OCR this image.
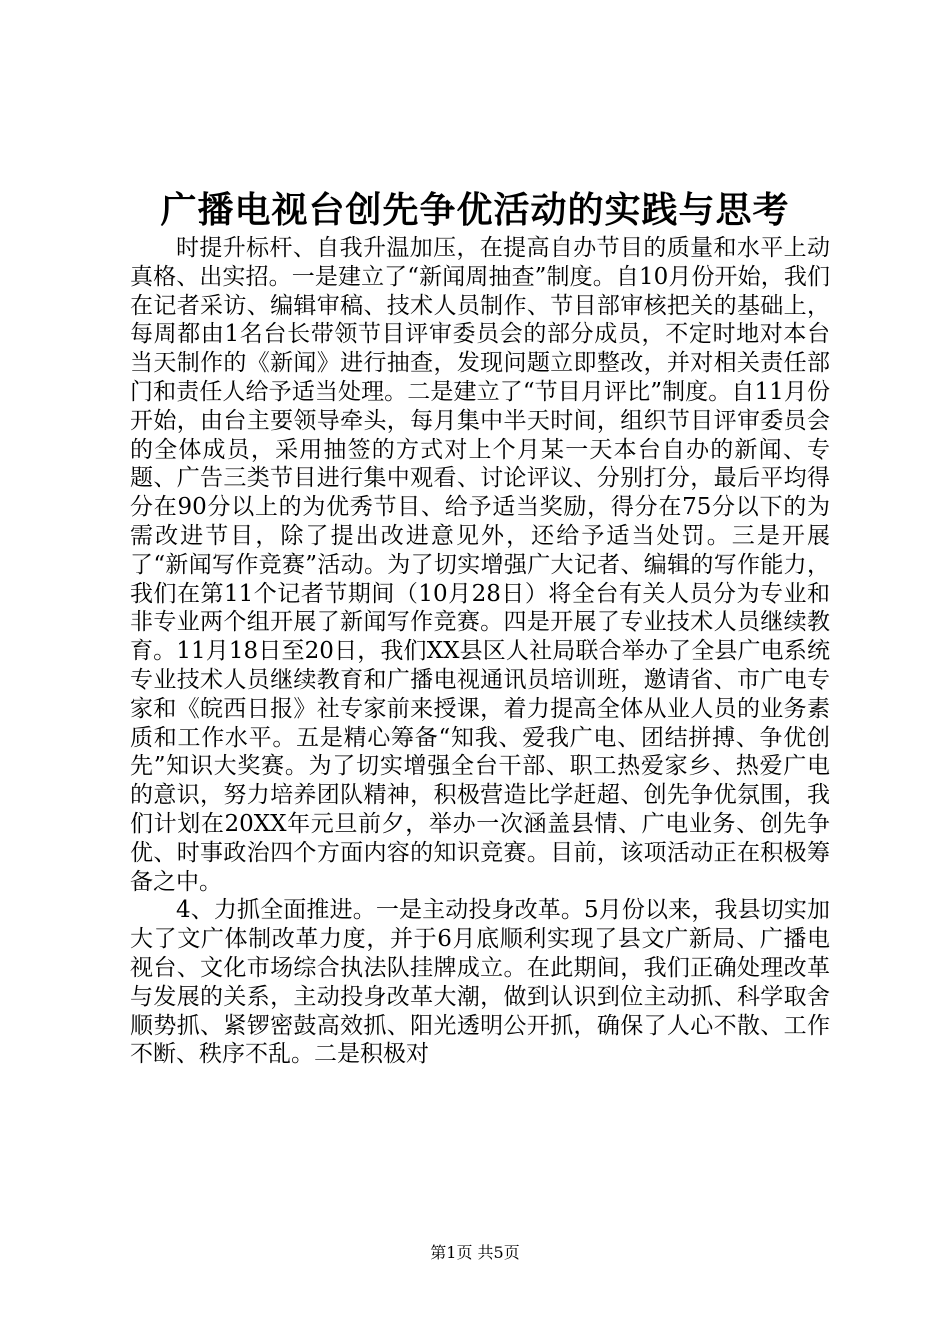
广播电视台创先争优活动的实践与思考

时提升标杆、自我升温加压，在提高自办节目的质量和水平上动真格、出实招。一是建立了“新闻周抽查”制度。自10月份开始，我们在记者采访、编辑审稿、技术人员制作、节目部审核把关的基础上，每周都由1名台长带领节目评审委员会的部分成员，不定时地对本台当天制作的《新闻》进行抽查，发现问题立即整改，并对相关责任部门和责任人给予适当处理。二是建立了“节目月评比”制度。自11月份开始，由台主要领导牵头，每月集中半天时间，组织节目评审委员会的全体成员，采用抽签的方式对上个月某一天本台自办的新闻、专题、广告三类节目进行集中观看、讨论评议、分别打分，最后平均得分在90分以上的为优秀节目、给予适当奖励，得分在75分以下的为需改进节目，除了提出改进意见外，还给予适当处罚。三是开展了“新闻写作竞赛”活动。为了切实增强广大记者、编辑的写作能力，我们在第11个记者节期间（10月28日）将全台有关人员分为专业和非专业两个组开展了新闻写作竞赛。四是开展了专业技术人员继续教育。11月18日至20日，我们XX县区人社局联合举办了全县广电系统专业技术人员继续教育和广播电视通讯员培训班，邀请省、市广电专家和《皖西日报》社专家前来授课，着力提高全体从业人员的业务素质和工作水平。五是精心筹备“知我、爱我广电、团结拼搏、争优创先”知识大奖赛。为了切实增强全台干部、职工热爱家乡、热爱广电的意识，努力培养团队精神，积极营造比学赶超、创先争优氛围，我们计划在20XX年元旦前夕，举办一次涵盖县情、广电业务、创先争优、时事政治四个方面内容的知识竞赛。目前，该项活动正在积极筹备之中。

4、力抓全面推进。一是主动投身改革。5月份以来，我县切实加大了文广体制改革力度，并于6月底顺利实现了县文广新局、广播电视台、文化市场综合执法队挂牌成立。在此期间，我们正确处理改革与发展的关系，主动投身改革大潮，做到认识到位主动抓、科学取舍顺势抓、紧锣密鼓高效抓、阳光透明公开抓，确保了人心不散、工作不断、秩序不乱。二是积极对

第1页 共5页
